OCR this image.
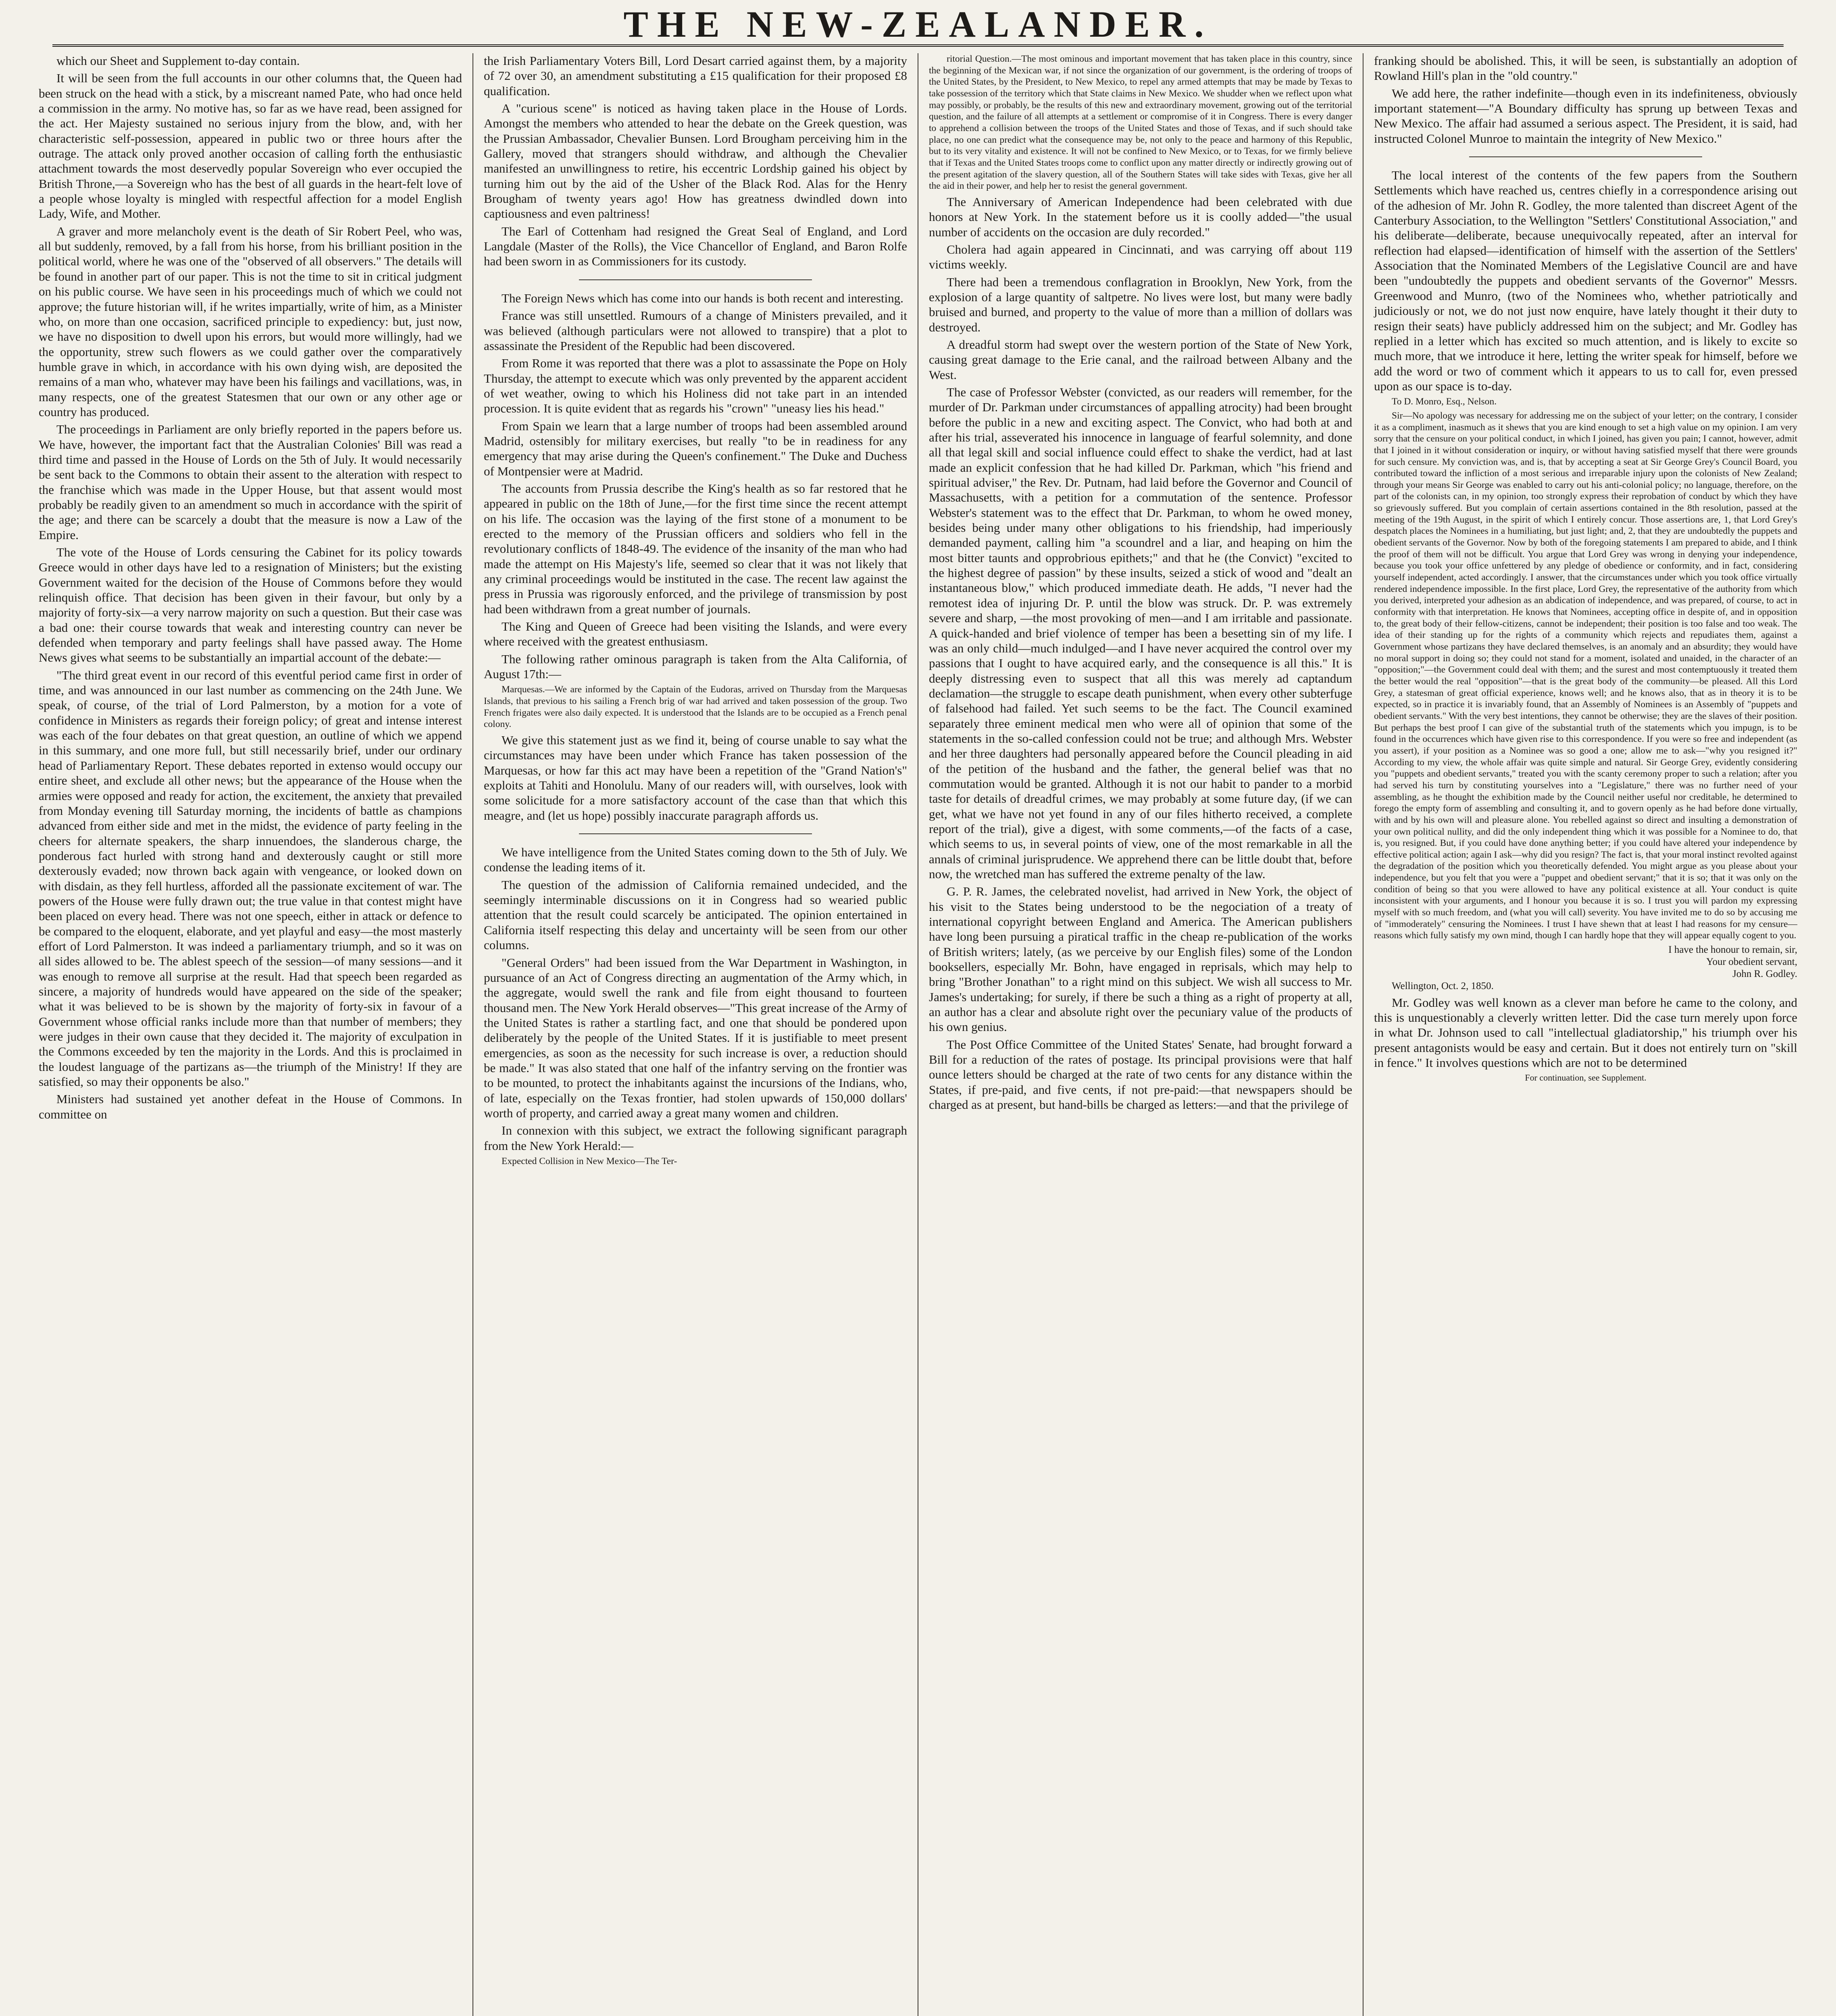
THE NEW-ZEALANDER.

which our Sheet and Supplement to-day contain.

It will be seen from the full accounts in our other columns that, the Queen had been struck on the head with a stick, by a miscreant named Pate, who had once held a commission in the army. No motive has, so far as we have read, been assigned for the act. Her Majesty sustained no serious injury from the blow, and, with her characteristic self-possession, appeared in public two or three hours after the outrage. The attack only proved another occasion of calling forth the enthusiastic attachment towards the most deservedly popular Sovereign who ever occupied the British Throne,—a Sovereign who has the best of all guards in the heart-felt love of a people whose loyalty is mingled with respectful affection for a model English Lady, Wife, and Mother.

A graver and more melancholy event is the death of Sir Robert Peel, who was, all but suddenly, removed, by a fall from his horse, from his brilliant position in the political world, where he was one of the "observed of all observers." The details will be found in another part of our paper. This is not the time to sit in critical judgment on his public course. We have seen in his proceedings much of which we could not approve; the future historian will, if he writes impartially, write of him, as a Minister who, on more than one occasion, sacrificed principle to expediency: but, just now, we have no disposition to dwell upon his errors, but would more willingly, had we the opportunity, strew such flowers as we could gather over the comparatively humble grave in which, in accordance with his own dying wish, are deposited the remains of a man who, whatever may have been his failings and vacillations, was, in many respects, one of the greatest Statesmen that our own or any other age or country has produced.

The proceedings in Parliament are only briefly reported in the papers before us. We have, however, the important fact that the Australian Colonies' Bill was read a third time and passed in the House of Lords on the 5th of July. It would necessarily be sent back to the Commons to obtain their assent to the alteration with respect to the franchise which was made in the Upper House, but that assent would most probably be readily given to an amendment so much in accordance with the spirit of the age; and there can be scarcely a doubt that the measure is now a Law of the Empire.

The vote of the House of Lords censuring the Cabinet for its policy towards Greece would in other days have led to a resignation of Ministers; but the existing Government waited for the decision of the House of Commons before they would relinquish office. That decision has been given in their favour, but only by a majority of forty-six—a very narrow majority on such a question. But their case was a bad one: their course towards that weak and interesting country can never be defended when temporary and party feelings shall have passed away. The Home News gives what seems to be substantially an impartial account of the debate:—

"The third great event in our record of this eventful period came first in order of time, and was announced in our last number as commencing on the 24th June. We speak, of course, of the trial of Lord Palmerston, by a motion for a vote of confidence in Ministers as regards their foreign policy; of great and intense interest was each of the four debates on that great question, an outline of which we append in this summary, and one more full, but still necessarily brief, under our ordinary head of Parliamentary Report. These debates reported in extenso would occupy our entire sheet, and exclude all other news; but the appearance of the House when the armies were opposed and ready for action, the excitement, the anxiety that prevailed from Monday evening till Saturday morning, the incidents of battle as champions advanced from either side and met in the midst, the evidence of party feeling in the cheers for alternate speakers, the sharp innuendoes, the slanderous charge, the ponderous fact hurled with strong hand and dexterously caught or still more dexterously evaded; now thrown back again with vengeance, or looked down on with disdain, as they fell hurtless, afforded all the passionate excitement of war. The powers of the House were fully drawn out; the true value in that contest might have been placed on every head. There was not one speech, either in attack or defence to be compared to the eloquent, elaborate, and yet playful and easy—the most masterly effort of Lord Palmerston. It was indeed a parliamentary triumph, and so it was on all sides allowed to be. The ablest speech of the session—of many sessions—and it was enough to remove all surprise at the result. Had that speech been regarded as sincere, a majority of hundreds would have appeared on the side of the speaker; what it was believed to be is shown by the majority of forty-six in favour of a Government whose official ranks include more than that number of members; they were judges in their own cause that they decided it. The majority of exculpation in the Commons exceeded by ten the majority in the Lords. And this is proclaimed in the loudest language of the partizans as—the triumph of the Ministry! If they are satisfied, so may their opponents be also."

Ministers had sustained yet another defeat in the House of Commons. In committee on

the Irish Parliamentary Voters Bill, Lord Desart carried against them, by a majority of 72 over 30, an amendment substituting a £15 qualification for their proposed £8 qualification.

A "curious scene" is noticed as having taken place in the House of Lords. Amongst the members who attended to hear the debate on the Greek question, was the Prussian Ambassador, Chevalier Bunsen. Lord Brougham perceiving him in the Gallery, moved that strangers should withdraw, and although the Chevalier manifested an unwillingness to retire, his eccentric Lordship gained his object by turning him out by the aid of the Usher of the Black Rod. Alas for the Henry Brougham of twenty years ago! How has greatness dwindled down into captiousness and even paltriness!

The Earl of Cottenham had resigned the Great Seal of England, and Lord Langdale (Master of the Rolls), the Vice Chancellor of England, and Baron Rolfe had been sworn in as Commissioners for its custody.

The Foreign News which has come into our hands is both recent and interesting.

France was still unsettled. Rumours of a change of Ministers prevailed, and it was believed (although particulars were not allowed to transpire) that a plot to assassinate the President of the Republic had been discovered.

From Rome it was reported that there was a plot to assassinate the Pope on Holy Thursday, the attempt to execute which was only prevented by the apparent accident of wet weather, owing to which his Holiness did not take part in an intended procession. It is quite evident that as regards his "crown" "uneasy lies his head."

From Spain we learn that a large number of troops had been assembled around Madrid, ostensibly for military exercises, but really "to be in readiness for any emergency that may arise during the Queen's confinement." The Duke and Duchess of Montpensier were at Madrid.

The accounts from Prussia describe the King's health as so far restored that he appeared in public on the 18th of June,—for the first time since the recent attempt on his life. The occasion was the laying of the first stone of a monument to be erected to the memory of the Prussian officers and soldiers who fell in the revolutionary conflicts of 1848-49. The evidence of the insanity of the man who had made the attempt on His Majesty's life, seemed so clear that it was not likely that any criminal proceedings would be instituted in the case. The recent law against the press in Prussia was rigorously enforced, and the privilege of transmission by post had been withdrawn from a great number of journals.

The King and Queen of Greece had been visiting the Islands, and were every where received with the greatest enthusiasm.

The following rather ominous paragraph is taken from the Alta California, of August 17th:—

Marquesas.—We are informed by the Captain of the Eudoras, arrived on Thursday from the Marquesas Islands, that previous to his sailing a French brig of war had arrived and taken possession of the group. Two French frigates were also daily expected. It is understood that the Islands are to be occupied as a French penal colony.

We give this statement just as we find it, being of course unable to say what the circumstances may have been under which France has taken possession of the Marquesas, or how far this act may have been a repetition of the "Grand Nation's" exploits at Tahiti and Honolulu. Many of our readers will, with ourselves, look with some solicitude for a more satisfactory account of the case than that which this meagre, and (let us hope) possibly inaccurate paragraph affords us.

We have intelligence from the United States coming down to the 5th of July. We condense the leading items of it.

The question of the admission of California remained undecided, and the seemingly interminable discussions on it in Congress had so wearied public attention that the result could scarcely be anticipated. The opinion entertained in California itself respecting this delay and uncertainty will be seen from our other columns.

"General Orders" had been issued from the War Department in Washington, in pursuance of an Act of Congress directing an augmentation of the Army which, in the aggregate, would swell the rank and file from eight thousand to fourteen thousand men. The New York Herald observes—"This great increase of the Army of the United States is rather a startling fact, and one that should be pondered upon deliberately by the people of the United States. If it is justifiable to meet present emergencies, as soon as the necessity for such increase is over, a reduction should be made." It was also stated that one half of the infantry serving on the frontier was to be mounted, to protect the inhabitants against the incursions of the Indians, who, of late, especially on the Texas frontier, had stolen upwards of 150,000 dollars' worth of property, and carried away a great many women and children.

In connexion with this subject, we extract the following significant paragraph from the New York Herald:—

Expected Collision in New Mexico—The Ter-

ritorial Question.—The most ominous and important movement that has taken place in this country, since the beginning of the Mexican war, if not since the organization of our government, is the ordering of troops of the United States, by the President, to New Mexico, to repel any armed attempts that may be made by Texas to take possession of the territory which that State claims in New Mexico. We shudder when we reflect upon what may possibly, or probably, be the results of this new and extraordinary movement, growing out of the territorial question, and the failure of all attempts at a settlement or compromise of it in Congress. There is every danger to apprehend a collision between the troops of the United States and those of Texas, and if such should take place, no one can predict what the consequence may be, not only to the peace and harmony of this Republic, but to its very vitality and existence. It will not be confined to New Mexico, or to Texas, for we firmly believe that if Texas and the United States troops come to conflict upon any matter directly or indirectly growing out of the present agitation of the slavery question, all of the Southern States will take sides with Texas, give her all the aid in their power, and help her to resist the general government.

The Anniversary of American Independence had been celebrated with due honors at New York. In the statement before us it is coolly added—"the usual number of accidents on the occasion are duly recorded."

Cholera had again appeared in Cincinnati, and was carrying off about 119 victims weekly.

There had been a tremendous conflagration in Brooklyn, New York, from the explosion of a large quantity of saltpetre. No lives were lost, but many were badly bruised and burned, and property to the value of more than a million of dollars was destroyed.

A dreadful storm had swept over the western portion of the State of New York, causing great damage to the Erie canal, and the railroad between Albany and the West.

The case of Professor Webster (convicted, as our readers will remember, for the murder of Dr. Parkman under circumstances of appalling atrocity) had been brought before the public in a new and exciting aspect. The Convict, who had both at and after his trial, asseverated his innocence in language of fearful solemnity, and done all that legal skill and social influence could effect to shake the verdict, had at last made an explicit confession that he had killed Dr. Parkman, which "his friend and spiritual adviser," the Rev. Dr. Putnam, had laid before the Governor and Council of Massachusetts, with a petition for a commutation of the sentence. Professor Webster's statement was to the effect that Dr. Parkman, to whom he owed money, besides being under many other obligations to his friendship, had imperiously demanded payment, calling him "a scoundrel and a liar, and heaping on him the most bitter taunts and opprobrious epithets;" and that he (the Convict) "excited to the highest degree of passion" by these insults, seized a stick of wood and "dealt an instantaneous blow," which produced immediate death. He adds, "I never had the remotest idea of injuring Dr. P. until the blow was struck. Dr. P. was extremely severe and sharp, —the most provoking of men—and I am irritable and passionate. A quick-handed and brief violence of temper has been a besetting sin of my life. I was an only child—much indulged—and I have never acquired the control over my passions that I ought to have acquired early, and the consequence is all this." It is deeply distressing even to suspect that all this was merely ad captandum declamation—the struggle to escape death punishment, when every other subterfuge of falsehood had failed. Yet such seems to be the fact. The Council examined separately three eminent medical men who were all of opinion that some of the statements in the so-called confession could not be true; and although Mrs. Webster and her three daughters had personally appeared before the Council pleading in aid of the petition of the husband and the father, the general belief was that no commutation would be granted. Although it is not our habit to pander to a morbid taste for details of dreadful crimes, we may probably at some future day, (if we can get, what we have not yet found in any of our files hitherto received, a complete report of the trial), give a digest, with some comments,—of the facts of a case, which seems to us, in several points of view, one of the most remarkable in all the annals of criminal jurisprudence. We apprehend there can be little doubt that, before now, the wretched man has suffered the extreme penalty of the law.

G. P. R. James, the celebrated novelist, had arrived in New York, the object of his visit to the States being understood to be the negociation of a treaty of international copyright between England and America. The American publishers have long been pursuing a piratical traffic in the cheap re-publication of the works of British writers; lately, (as we perceive by our English files) some of the London booksellers, especially Mr. Bohn, have engaged in reprisals, which may help to bring "Brother Jonathan" to a right mind on this subject. We wish all success to Mr. James's undertaking; for surely, if there be such a thing as a right of property at all, an author has a clear and absolute right over the pecuniary value of the products of his own genius.

The Post Office Committee of the United States' Senate, had brought forward a Bill for a reduction of the rates of postage. Its principal provisions were that half ounce letters should be charged at the rate of two cents for any distance within the States, if pre-paid, and five cents, if not pre-paid:—that newspapers should be charged as at present, but hand-bills be charged as letters:—and that the privilege of

franking should be abolished. This, it will be seen, is substantially an adoption of Rowland Hill's plan in the "old country."

We add here, the rather indefinite—though even in its indefiniteness, obviously important statement—"A Boundary difficulty has sprung up between Texas and New Mexico. The affair had assumed a serious aspect. The President, it is said, had instructed Colonel Munroe to maintain the integrity of New Mexico."

The local interest of the contents of the few papers from the Southern Settlements which have reached us, centres chiefly in a correspondence arising out of the adhesion of Mr. John R. Godley, the more talented than discreet Agent of the Canterbury Association, to the Wellington "Settlers' Constitutional Association," and his deliberate—deliberate, because unequivocally repeated, after an interval for reflection had elapsed—identification of himself with the assertion of the Settlers' Association that the Nominated Members of the Legislative Council are and have been "undoubtedly the puppets and obedient servants of the Governor" Messrs. Greenwood and Munro, (two of the Nominees who, whether patriotically and judiciously or not, we do not just now enquire, have lately thought it their duty to resign their seats) have publicly addressed him on the subject; and Mr. Godley has replied in a letter which has excited so much attention, and is likely to excite so much more, that we introduce it here, letting the writer speak for himself, before we add the word or two of comment which it appears to us to call for, even pressed upon as our space is to-day.

To D. Monro, Esq., Nelson.

Sir—No apology was necessary for addressing me on the subject of your letter; on the contrary, I consider it as a compliment, inasmuch as it shews that you are kind enough to set a high value on my opinion. I am very sorry that the censure on your political conduct, in which I joined, has given you pain; I cannot, however, admit that I joined in it without consideration or inquiry, or without having satisfied myself that there were grounds for such censure. My conviction was, and is, that by accepting a seat at Sir George Grey's Council Board, you contributed toward the infliction of a most serious and irreparable injury upon the colonists of New Zealand; through your means Sir George was enabled to carry out his anti-colonial policy; no language, therefore, on the part of the colonists can, in my opinion, too strongly express their reprobation of conduct by which they have so grievously suffered. But you complain of certain assertions contained in the 8th resolution, passed at the meeting of the 19th August, in the spirit of which I entirely concur. Those assertions are, 1, that Lord Grey's despatch places the Nominees in a humiliating, but just light; and, 2, that they are undoubtedly the puppets and obedient servants of the Governor. Now by both of the foregoing statements I am prepared to abide, and I think the proof of them will not be difficult. You argue that Lord Grey was wrong in denying your independence, because you took your office unfettered by any pledge of obedience or conformity, and in fact, considering yourself independent, acted accordingly. I answer, that the circumstances under which you took office virtually rendered independence impossible. In the first place, Lord Grey, the representative of the authority from which you derived, interpreted your adhesion as an abdication of independence, and was prepared, of course, to act in conformity with that interpretation. He knows that Nominees, accepting office in despite of, and in opposition to, the great body of their fellow-citizens, cannot be independent; their position is too false and too weak. The idea of their standing up for the rights of a community which rejects and repudiates them, against a Government whose partizans they have declared themselves, is an anomaly and an absurdity; they would have no moral support in doing so; they could not stand for a moment, isolated and unaided, in the character of an "opposition;"—the Government could deal with them; and the surest and most contemptuously it treated them the better would the real "opposition"—that is the great body of the community—be pleased. All this Lord Grey, a statesman of great official experience, knows well; and he knows also, that as in theory it is to be expected, so in practice it is invariably found, that an Assembly of Nominees is an Assembly of "puppets and obedient servants." With the very best intentions, they cannot be otherwise; they are the slaves of their position. But perhaps the best proof I can give of the substantial truth of the statements which you impugn, is to be found in the occurrences which have given rise to this correspondence. If you were so free and independent (as you assert), if your position as a Nominee was so good a one; allow me to ask—"why you resigned it?" According to my view, the whole affair was quite simple and natural. Sir George Grey, evidently considering you "puppets and obedient servants," treated you with the scanty ceremony proper to such a relation; after you had served his turn by constituting yourselves into a "Legislature," there was no further need of your assembling, as he thought the exhibition made by the Council neither useful nor creditable, he determined to forego the empty form of assembling and consulting it, and to govern openly as he had before done virtually, with and by his own will and pleasure alone. You rebelled against so direct and insulting a demonstration of your own political nullity, and did the only independent thing which it was possible for a Nominee to do, that is, you resigned. But, if you could have done anything better; if you could have altered your independence by effective political action; again I ask—why did you resign? The fact is, that your moral instinct revolted against the degradation of the position which you theoretically defended. You might argue as you please about your independence, but you felt that you were a "puppet and obedient servant;" that it is so; that it was only on the condition of being so that you were allowed to have any political existence at all. Your conduct is quite inconsistent with your arguments, and I honour you because it is so. I trust you will pardon my expressing myself with so much freedom, and (what you will call) severity. You have invited me to do so by accusing me of "immoderately" censuring the Nominees. I trust I have shewn that at least I had reasons for my censure—reasons which fully satisfy my own mind, though I can hardly hope that they will appear equally cogent to you.

I have the honour to remain, sir,

Your obedient servant,

John R. Godley.

Wellington, Oct. 2, 1850.

Mr. Godley was well known as a clever man before he came to the colony, and this is unquestionably a cleverly written letter. Did the case turn merely upon force in what Dr. Johnson used to call "intellectual gladiatorship," his triumph over his present antagonists would be easy and certain. But it does not entirely turn on "skill in fence." It involves questions which are not to be determined

For continuation, see Supplement.
